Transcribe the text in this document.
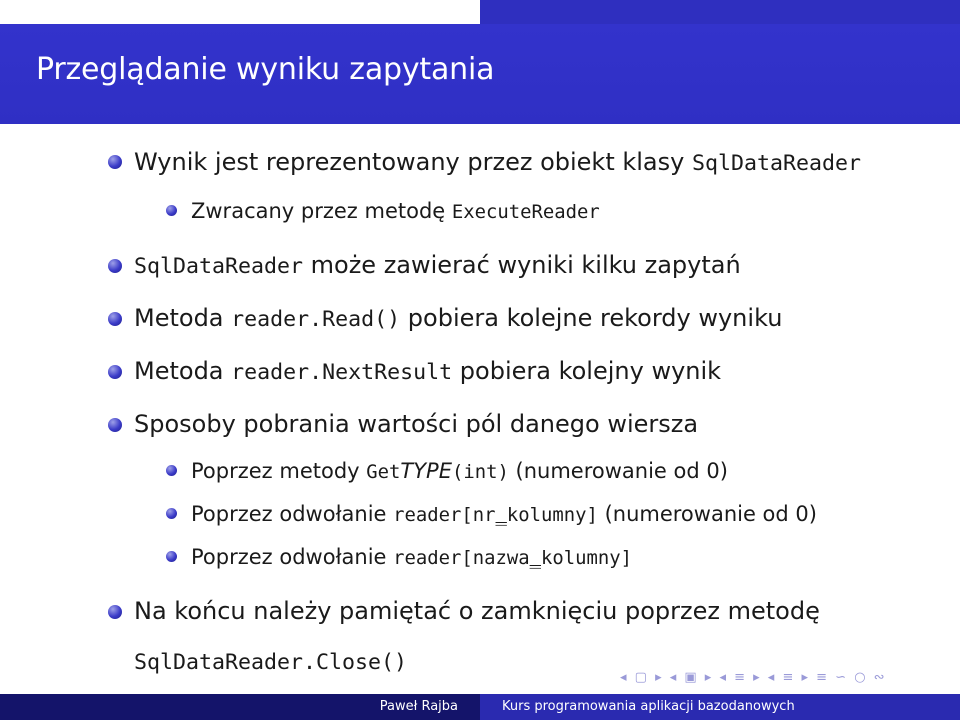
Przeglądanie wyniku zapytania
Wynik jest reprezentowany przez obiekt klasy SqlDataReader
Zwracany przez metodę ExecuteReader
SqlDataReader może zawierać wyniki kilku zapytań
Metoda reader.Read() pobiera kolejne rekordy wyniku
Metoda reader.NextResult pobiera kolejny wynik
Sposoby pobrania wartości pól danego wiersza
Poprzez metody GetTYPE(int) (numerowanie od 0)
Poprzez odwołanie reader[nr_kolumny] (numerowanie od 0)
Poprzez odwołanie reader[nazwa_kolumny]
Na końcu należy pamiętać o zamknięciu poprzez metodę
SqlDataReader.Close()
◂ ▢ ▸ ◂ ▣ ▸ ◂ ≡ ▸ ◂ ≡ ▸ ≡ ∽ ○ ∾
Paweł Rajba	Kurs programowania aplikacji bazodanowych
